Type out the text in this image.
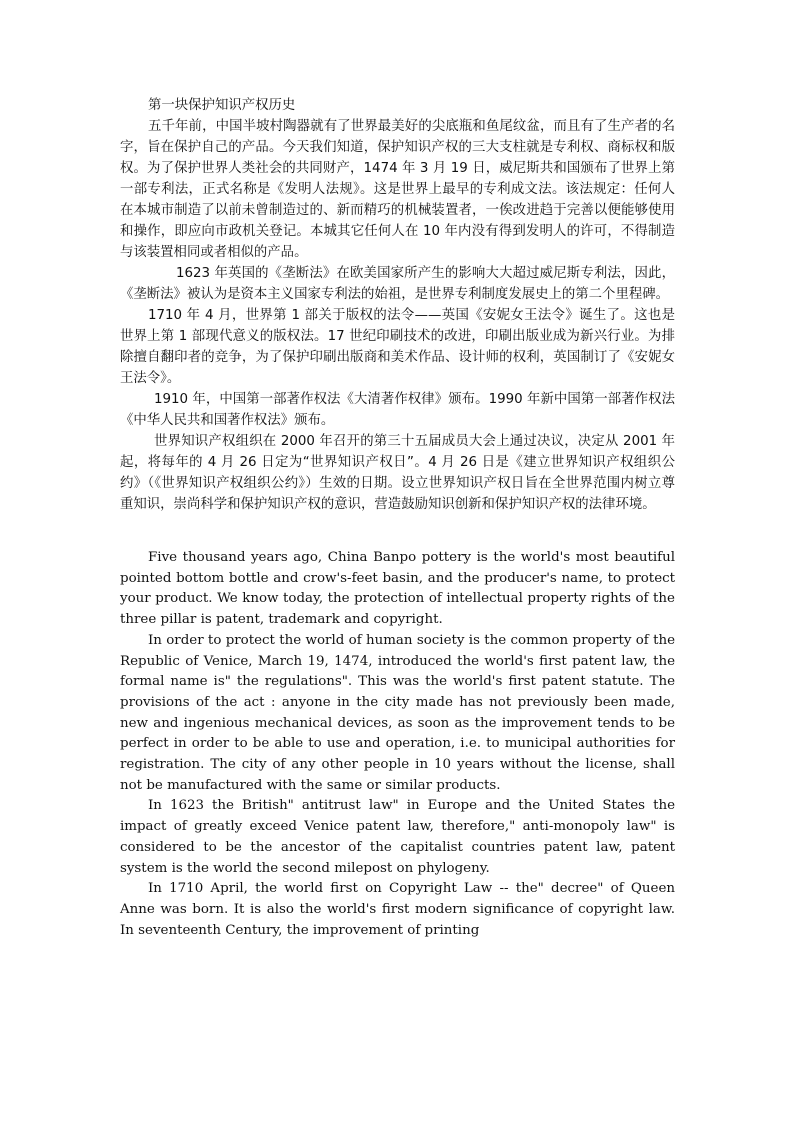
第一块保护知识产权历史

五千年前，中国半坡村陶器就有了世界最美好的尖底瓶和鱼尾纹盆，而且有了生产者的名字，旨在保护自己的产品。今天我们知道，保护知识产权的三大支柱就是专利权、商标权和版权。为了保护世界人类社会的共同财产，1474 年 3 月 19 日，威尼斯共和国颁布了世界上第一部专利法，正式名称是《发明人法规》。这是世界上最早的专利成文法。该法规定：任何人在本城市制造了以前未曾制造过的、新而精巧的机械装置者，一俟改进趋于完善以便能够使用和操作，即应向市政机关登记。本城其它任何人在 10 年内没有得到发明人的许可，不得制造与该装置相同或者相似的产品。

1623 年英国的《垄断法》在欧美国家所产生的影响大大超过威尼斯专利法，因此，《垄断法》被认为是资本主义国家专利法的始祖，是世界专利制度发展史上的第二个里程碑。

1710 年 4 月，世界第 1 部关于版权的法令——英国《安妮女王法令》诞生了。这也是世界上第 1 部现代意义的版权法。17 世纪印刷技术的改进，印刷出版业成为新兴行业。为排除擅自翻印者的竞争，为了保护印刷出版商和美术作品、设计师的权利，英国制订了《安妮女王法令》。

1910 年，中国第一部著作权法《大清著作权律》颁布。1990 年新中国第一部著作权法《中华人民共和国著作权法》颁布。

世界知识产权组织在 2000 年召开的第三十五届成员大会上通过决议，决定从 2001 年起，将每年的 4 月 26 日定为“世界知识产权日”。4 月 26 日是《建立世界知识产权组织公约》（《世界知识产权组织公约》）生效的日期。设立世界知识产权日旨在全世界范围内树立尊重知识，崇尚科学和保护知识产权的意识，营造鼓励知识创新和保护知识产权的法律环境。

Five thousand years ago, China Banpo pottery is the world's most beautiful pointed bottom bottle and crow's-feet basin, and the producer's name, to protect your product. We know today, the protection of intellectual property rights of the three pillar is patent, trademark and copyright.

In order to protect the world of human society is the common property of the Republic of Venice, March 19, 1474, introduced the world's first patent law, the formal name is" the regulations". This was the world's first patent statute. The provisions of the act : anyone in the city made has not previously been made, new and ingenious mechanical devices, as soon as the improvement tends to be perfect in order to be able to use and operation, i.e. to municipal authorities for registration. The city of any other people in 10 years without the license, shall not be manufactured with the same or similar products.

In 1623 the British" antitrust law" in Europe and the United States the impact of greatly exceed Venice patent law, therefore," anti-monopoly law" is considered to be the ancestor of the capitalist countries patent law, patent system is the world the second milepost on phylogeny.

In 1710 April, the world first on Copyright Law -- the" decree" of Queen Anne was born. It is also the world's first modern significance of copyright law. In seventeenth Century, the improvement of printing
